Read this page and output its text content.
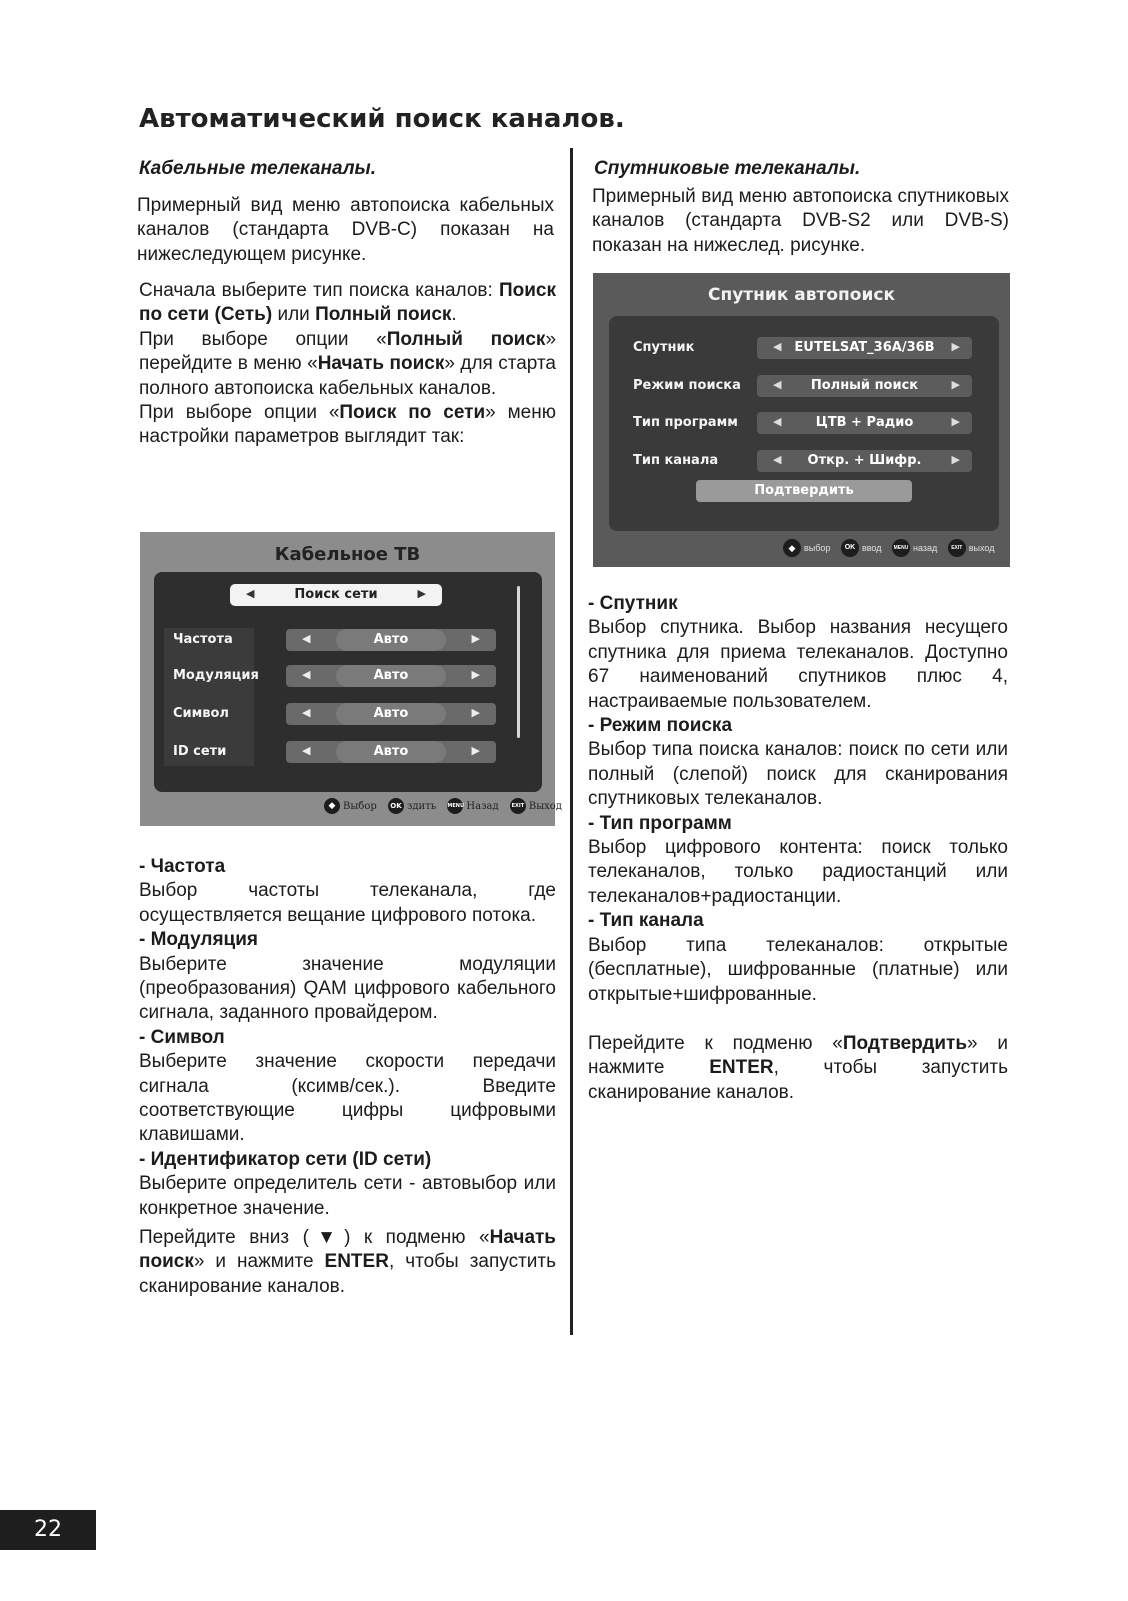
Автоматический поиск каналов.
Кабельные телеканалы.

Примерный вид меню автопоиска кабельных каналов (стандарта DVB-C) показан на нижеследующем рисунке.

Сначала выберите тип поиска каналов: Поиск по сети (Сеть) или Полный поиск.

При выборе опции «Полный поиск» перейдите в меню «Начать поиск» для старта полного автопоиска кабельных каналов.

При выборе опции «Поиск по сети» меню настройки параметров выглядит так:

Кабельное ТВ
◀	Поиск сети	▶
Частота	◀	Авто	▶
Модуляция	◀	Авто	▶
Символ	◀	Авто	▶
ID сети	◀	Авто	▶
◆ Выбор OK здить MENU Назад	EXIT Выход

- Частота

Выбор частоты телеканала, где осуществляется вещание цифрового потока.

- Модуляция

Выберите значение модуляции (преобразования) QAM цифрового кабельного сигнала, заданного провайдером.

- Символ

Выберите значение скорости передачи сигнала (ксимв/сек.). Введите соответствующие цифры цифровыми клавишами.

- Идентификатор сети (ID сети)

Выберите определитель сети - автовыбор или конкретное значение.

Перейдите вниз (▼) к подменю «Начать поиск» и нажмите ENTER, чтобы запустить сканирование каналов.

Спутниковые телеканалы.

Примерный вид меню автопоиска спутниковых каналов (стандарта DVB-S2 или DVB-S) показан на нижеслед. рисунке.

Спутник автопоиск
Спутник	◀ EUTELSAT_36A/36B	▶
Режим поиска	◀	Полный поиск	▶
Тип программ	◀	ЦТВ + Радио	▶
Тип канала	◀	Откр. + Шифр.	▶
Подтвердить
◆ выбор OK ввод MENU назад	EXIT выход

- Спутник

Выбор спутника. Выбор названия несущего спутника для приема телеканалов. Доступно 67 наименований спутников плюс 4, настраиваемые пользователем.

- Режим поиска

Выбор типа поиска каналов: поиск по сети или полный (слепой) поиск для сканирования спутниковых телеканалов.

- Тип программ

Выбор цифрового контента: поиск только телеканалов, только радиостанций или телеканалов+радиостанции.

- Тип канала

Выбор типа телеканалов: открытые (бесплатные), шифрованные (платные) или открытые+шифрованные.

Перейдите к подменю «Подтвердить» и нажмите ENTER, чтобы запустить сканирование каналов.

22
